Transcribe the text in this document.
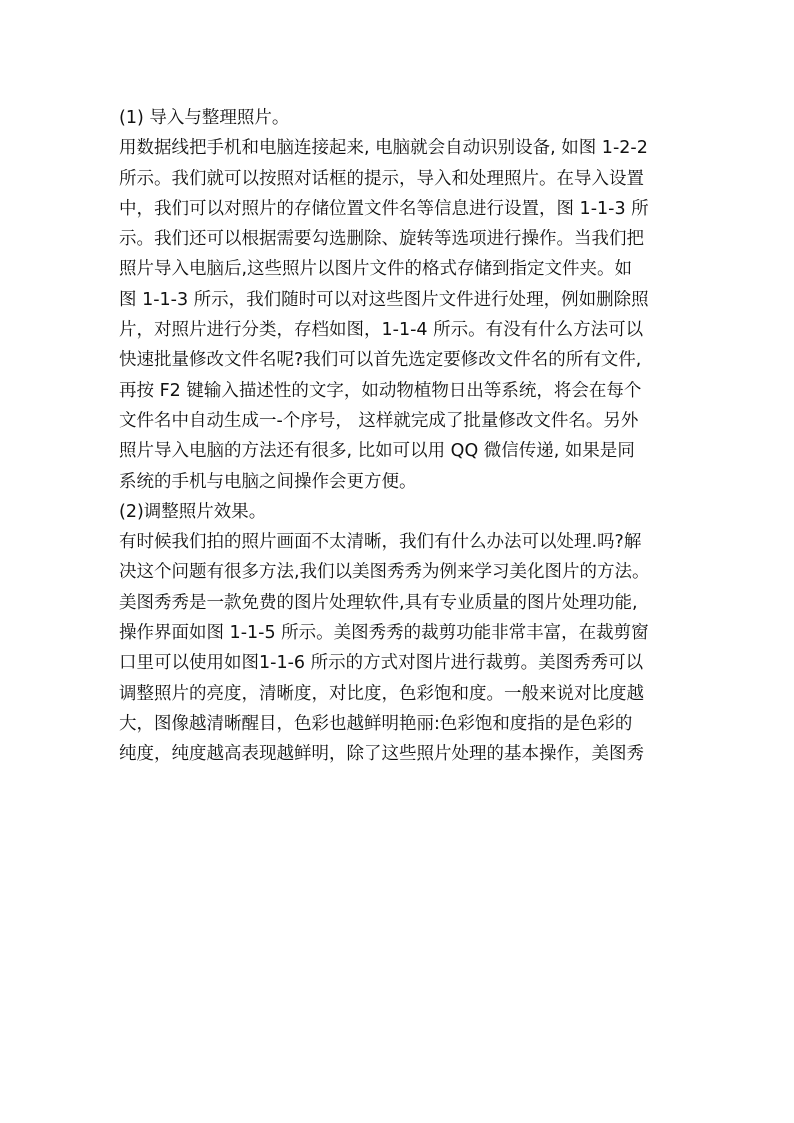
(1) 导入与整理照片。
用数据线把手机和电脑连接起来, 电脑就会自动识别设备, 如图 1-2-2
所示。我们就可以按照对话框的提示，导入和处理照片。在导入设置
中，我们可以对照片的存储位置文件名等信息进行设置，图 1-1-3 所
示。我们还可以根据需要勾选删除、旋转等选项进行操作。当我们把
照片导入电脑后,这些照片以图片文件的格式存储到指定文件夹。如
图 1-1-3 所示，我们随时可以对这些图片文件进行处理，例如删除照
片，对照片进行分类，存档如图，1-1-4 所示。有没有什么方法可以
快速批量修改文件名呢?我们可以首先选定要修改文件名的所有文件,
再按 F2 键输入描述性的文字，如动物植物日出等系统，将会在每个
文件名中自动生成一-个序号， 这样就完成了批量修改文件名。另外
照片导入电脑的方法还有很多, 比如可以用 QQ 微信传递, 如果是同
系统的手机与电脑之间操作会更方便。
(2)调整照片效果。
有时候我们拍的照片画面不太清晰，我们有什么办法可以处理.吗?解
决这个问题有很多方法,我们以美图秀秀为例来学习美化图片的方法。
美图秀秀是一款免费的图片处理软件,具有专业质量的图片处理功能,
操作界面如图 1-1-5 所示。美图秀秀的裁剪功能非常丰富，在裁剪窗
口里可以使用如图1-1-6 所示的方式对图片进行裁剪。美图秀秀可以
调整照片的亮度，清晰度，对比度，色彩饱和度。一般来说对比度越
大，图像越清晰醒目，色彩也越鲜明艳丽:色彩饱和度指的是色彩的
纯度，纯度越高表现越鲜明，除了这些照片处理的基本操作，美图秀
